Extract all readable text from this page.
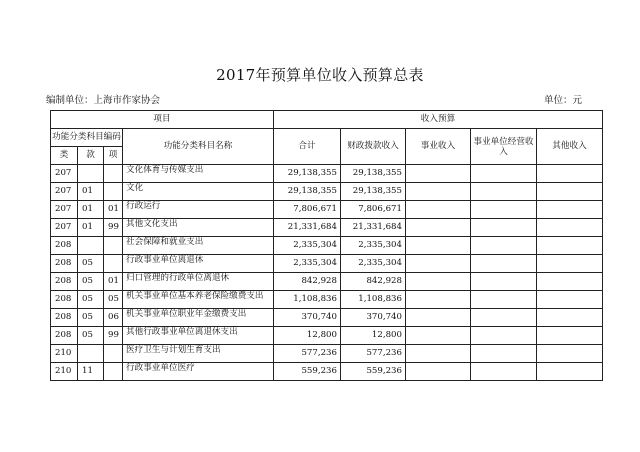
2017年预算单位收入预算总表
编制单位：上海市作家协会	单位：元
项目				收入预算				
功能分类科目编码			功能分类科目名称	合计	财政拨款收入	事业收入	事业单位经营收入	其他收入
类	款	项						
207			文化体育与传媒支出	29,138,355	29,138,355			
207	01		文化	29,138,355	29,138,355			
207	01	01	行政运行	7,806,671	7,806,671			
207	01	99	其他文化支出	21,331,684	21,331,684			
208			社会保障和就业支出	2,335,304	2,335,304			
208	05		行政事业单位离退休	2,335,304	2,335,304			
208	05	01	归口管理的行政单位离退休	842,928	842,928			
208	05	05	机关事业单位基本养老保险缴费支出	1,108,836	1,108,836			
208	05	06	机关事业单位职业年金缴费支出	370,740	370,740			
208	05	99	其他行政事业单位离退休支出	12,800	12,800			
210			医疗卫生与计划生育支出	577,236	577,236			
210	11		行政事业单位医疗	559,236	559,236			
